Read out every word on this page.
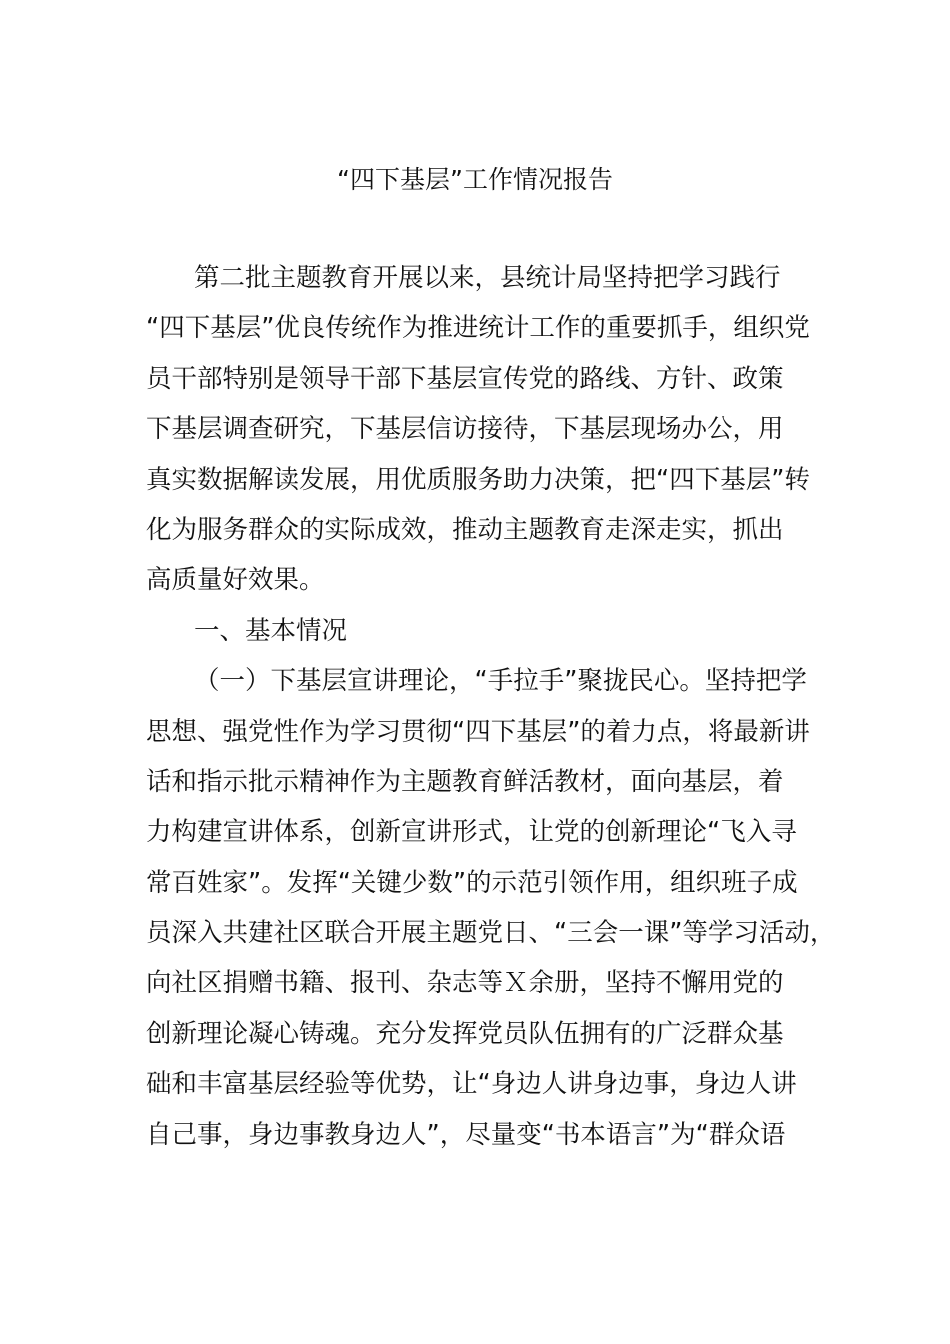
“四下基层”工作情况报告
第二批主题教育开展以来，县统计局坚持把学习践行
“四下基层”优良传统作为推进统计工作的重要抓手，组织党
员干部特别是领导干部下基层宣传党的路线、方针、政策
下基层调查研究，下基层信访接待，下基层现场办公，用
真实数据解读发展，用优质服务助力决策，把“四下基层”转
化为服务群众的实际成效，推动主题教育走深走实，抓出
高质量好效果。
一、基本情况
（一）下基层宣讲理论，“手拉手”聚拢民心。坚持把学
思想、强党性作为学习贯彻“四下基层”的着力点，将最新讲
话和指示批示精神作为主题教育鲜活教材，面向基层，着
力构建宣讲体系，创新宣讲形式，让党的创新理论“飞入寻
常百姓家”。发挥“关键少数”的示范引领作用，组织班子成
员深入共建社区联合开展主题党日、“三会一课”等学习活动，
向社区捐赠书籍、报刊、杂志等Ｘ余册，坚持不懈用党的
创新理论凝心铸魂。充分发挥党员队伍拥有的广泛群众基
础和丰富基层经验等优势，让“身边人讲身边事，身边人讲
自己事，身边事教身边人”，尽量变“书本语言”为“群众语
